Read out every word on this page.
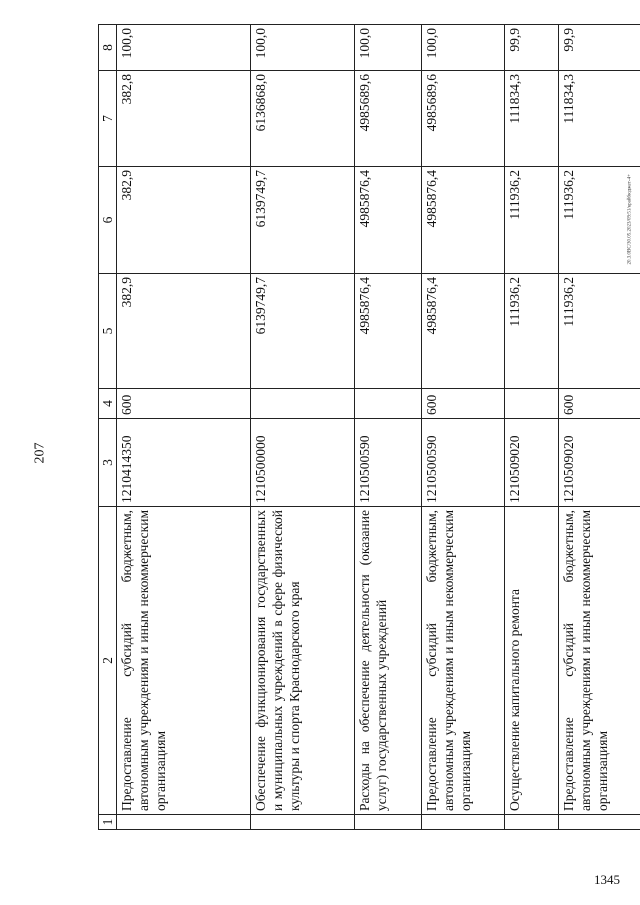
207
20.3.0ВС/30.05.2023/09:51/крайбюджет-4+
1345
1	2	3	4	5	6	7	8
	Предоставление субсидий бюджетным, автономным учреждениям и иным некоммерческим организациям	1210414350	600	382,9	382,9	382,8	100,0
	Обеспечение функционирования государственных и муниципальных учреждений в сфере физической культуры и спорта Краснодарского края	1210500000		6139749,7	6139749,7	6136868,0	100,0
	Расходы на обеспечение деятельности (оказание услуг) государственных учреждений	1210500590		4985876,4	4985876,4	4985689,6	100,0
	Предоставление субсидий бюджетным, автономным учреждениям и иным некоммерческим организациям	1210500590	600	4985876,4	4985876,4	4985689,6	100,0
	Осуществление капитального ремонта	1210509020		111936,2	111936,2	111834,3	99,9
	Предоставление субсидий бюджетным, автономным учреждениям и иным некоммерческим организациям	1210509020	600	111936,2	111936,2	111834,3	99,9
